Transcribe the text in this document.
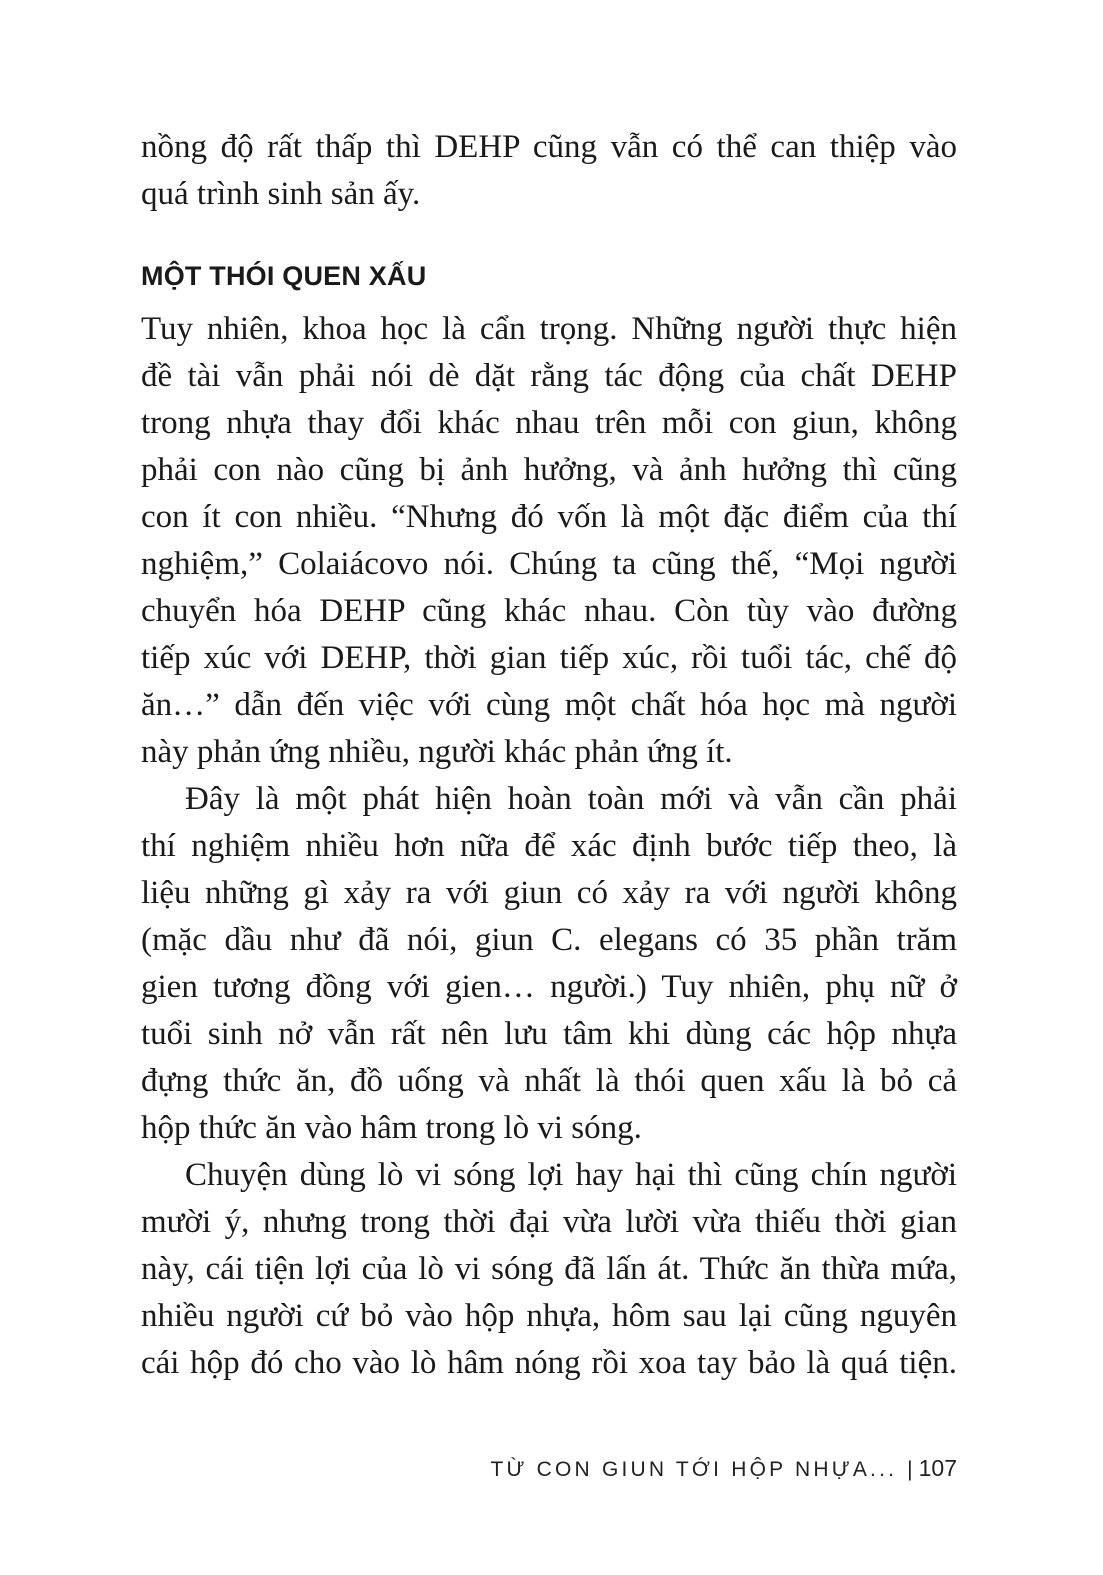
nồng độ rất thấp thì DEHP cũng vẫn có thể can thiệp vào
quá trình sinh sản ấy.

MỘT THÓI QUEN XẤU

Tuy nhiên, khoa học là cẩn trọng. Những người thực hiện
đề tài vẫn phải nói dè dặt rằng tác động của chất DEHP
trong nhựa thay đổi khác nhau trên mỗi con giun, không
phải con nào cũng bị ảnh hưởng, và ảnh hưởng thì cũng
con ít con nhiều. “Nhưng đó vốn là một đặc điểm của thí
nghiệm,” Colaiácovo nói. Chúng ta cũng thế, “Mọi người
chuyển hóa DEHP cũng khác nhau. Còn tùy vào đường
tiếp xúc với DEHP, thời gian tiếp xúc, rồi tuổi tác, chế độ
ăn…” dẫn đến việc với cùng một chất hóa học mà người
này phản ứng nhiều, người khác phản ứng ít.

Đây là một phát hiện hoàn toàn mới và vẫn cần phải
thí nghiệm nhiều hơn nữa để xác định bước tiếp theo, là
liệu những gì xảy ra với giun có xảy ra với người không
(mặc dầu như đã nói, giun C. elegans có 35 phần trăm
gien tương đồng với gien… người.) Tuy nhiên, phụ nữ ở
tuổi sinh nở vẫn rất nên lưu tâm khi dùng các hộp nhựa
đựng thức ăn, đồ uống và nhất là thói quen xấu là bỏ cả
hộp thức ăn vào hâm trong lò vi sóng.

Chuyện dùng lò vi sóng lợi hay hại thì cũng chín người
mười ý, nhưng trong thời đại vừa lười vừa thiếu thời gian
này, cái tiện lợi của lò vi sóng đã lấn át. Thức ăn thừa mứa,
nhiều người cứ bỏ vào hộp nhựa, hôm sau lại cũng nguyên
cái hộp đó cho vào lò hâm nóng rồi xoa tay bảo là quá tiện.

TỪ CON GIUN TỚI HỘP NHỰA... | 107
